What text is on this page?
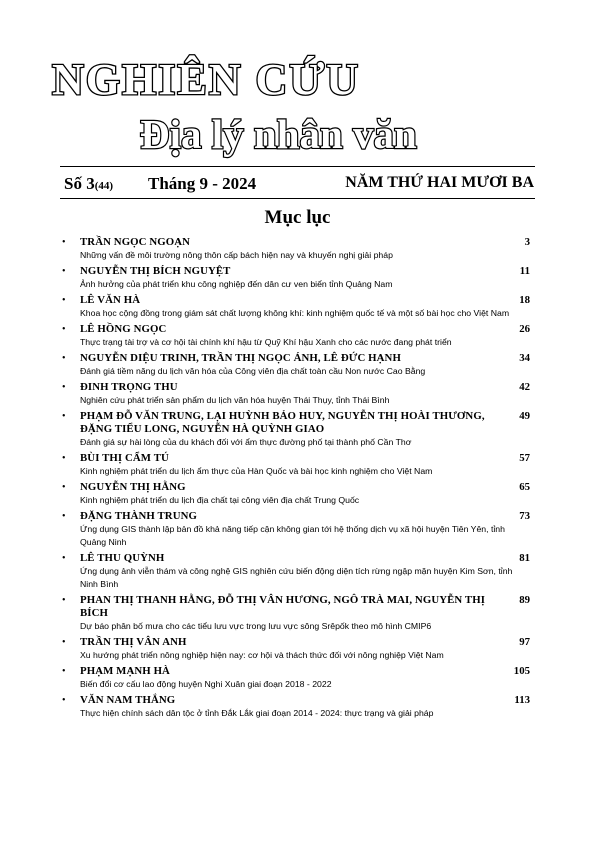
NGHIÊN CỨU
Địa lý nhân văn
Số 3(44) Tháng 9 - 2024	NĂM THỨ HAI MƯƠI BA
Mục lục
• TRẦN NGỌC NGOẠN	3
Những vấn đề môi trường nông thôn cấp bách hiện nay và khuyến nghị giải pháp
• NGUYỄN THỊ BÍCH NGUYỆT	11
Ảnh hưởng của phát triển khu công nghiệp đến dân cư ven biển tỉnh Quảng Nam
• LÊ VĂN HÀ	18
Khoa học cộng đồng trong giám sát chất lượng không khí: kinh nghiệm quốc tế và một số bài học cho Việt Nam
• LÊ HỒNG NGỌC	26
Thực trạng tài trợ và cơ hội tài chính khí hậu từ Quỹ Khí hậu Xanh cho các nước đang phát triển
• NGUYỄN DIỆU TRINH, TRẦN THỊ NGỌC ÁNH, LÊ ĐỨC HẠNH	34
Đánh giá tiềm năng du lịch văn hóa của Công viên địa chất toàn cầu Non nước Cao Bằng
• ĐINH TRỌNG THU	42
Nghiên cứu phát triển sản phẩm du lịch văn hóa huyện Thái Thụy, tỉnh Thái Bình
• PHẠM ĐỖ VĂN TRUNG, LẠI HUỲNH BẢO HUY, NGUYỄN THỊ HOÀI THƯƠNG, ĐẶNG TIỂU LONG, NGUYỄN HÀ QUỲNH GIAO
49
Đánh giá sự hài lòng của du khách đối với ẩm thực đường phố tại thành phố Cần Thơ
• BÙI THỊ CẨM TÚ	57
Kinh nghiệm phát triển du lịch ẩm thực của Hàn Quốc và bài học kinh nghiệm cho Việt Nam
• NGUYỄN THỊ HẰNG	65
Kinh nghiệm phát triển du lịch địa chất tại công viên địa chất Trung Quốc
• ĐẶNG THÀNH TRUNG	73
Ứng dụng GIS thành lập bản đồ khả năng tiếp cận không gian tới hệ thống dịch vụ xã hội huyện Tiên Yên, tỉnh Quảng Ninh
• LÊ THU QUỲNH	81
Ứng dụng ảnh viễn thám và công nghệ GIS nghiên cứu biến động diện tích rừng ngập mặn huyện Kim Sơn, tỉnh Ninh Bình
• PHAN THỊ THANH HẰNG, ĐỖ THỊ VÂN HƯƠNG, NGÔ TRÀ MAI, NGUYỄN THỊ BÍCH
89
Dự báo phân bố mưa cho các tiểu lưu vực trong lưu vực sông Srêpốk theo mô hình CMIP6
• TRẦN THỊ VÂN ANH	97
Xu hướng phát triển nông nghiệp hiện nay: cơ hội và thách thức đối với nông nghiệp Việt Nam
• PHẠM MẠNH HÀ	105
Biến đổi cơ cấu lao động huyện Nghi Xuân giai đoạn 2018 - 2022
• VĂN NAM THẮNG	113
Thực hiện chính sách dân tộc ở tỉnh Đắk Lắk giai đoạn 2014 - 2024: thực trạng và giải pháp
